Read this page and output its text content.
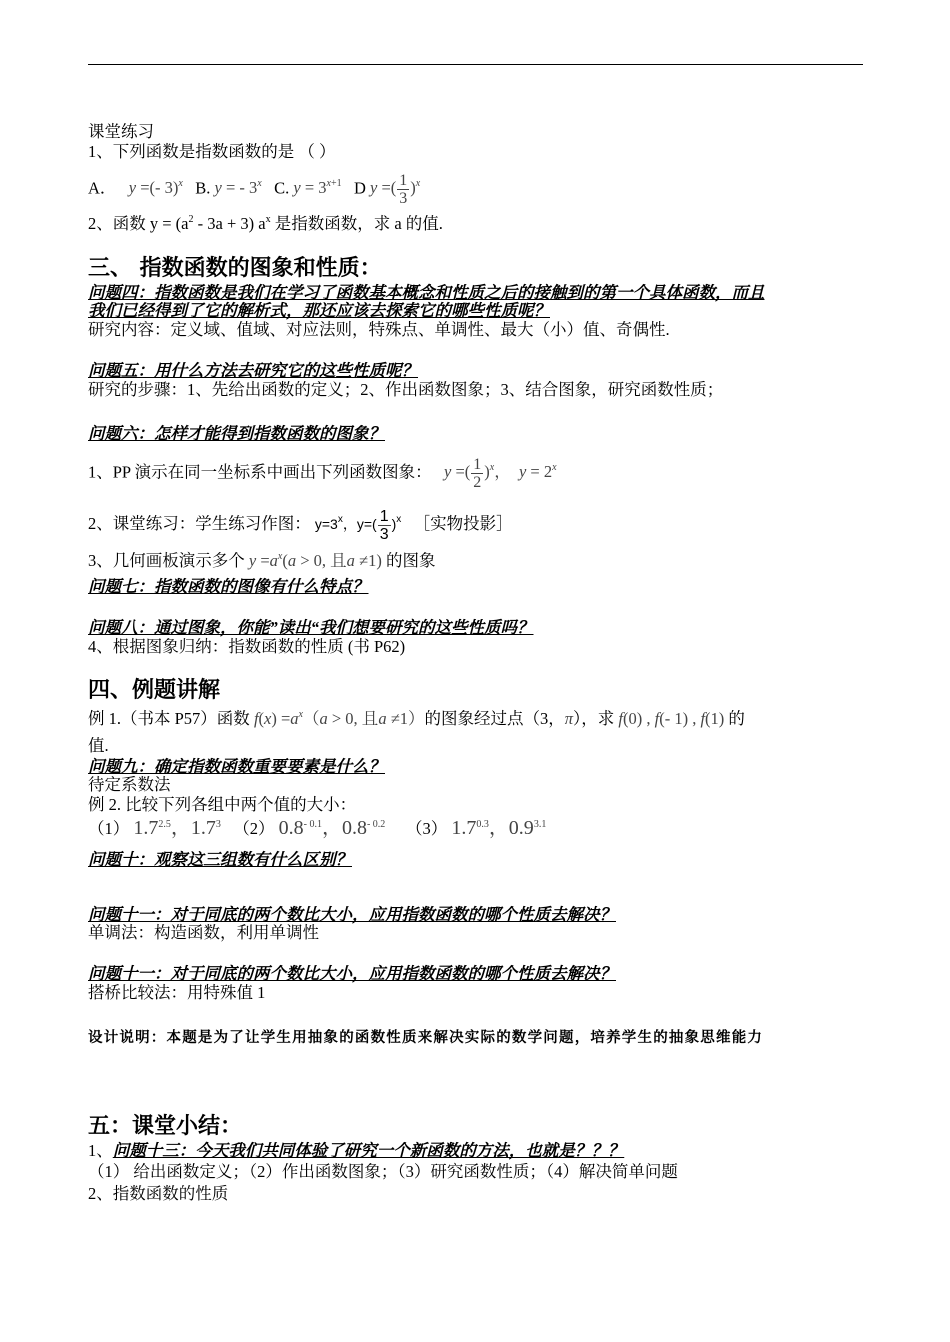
课堂练习
1、下列函数是指数函数的是 （ ）
A． y =(- 3)$^x$ B. y = - 3$^x$ C. $y = 3^{x+1}$ D y =( $\frac{1}{3} )^x$
2、函数 $y = (a^2 - 3a + 3)$ $a^x$ 是指数函数，求 a 的值.
三、 指数函数的图象和性质：
问题四：指数函数是我们在学习了函数基本概念和性质之后的接触到的第一个具体函数，而且
我们已经得到了它的解析式，那还应该去探索它的哪些性质呢？
研究内容：定义域、值域、对应法则，特殊点、单调性、最大（小）值、奇偶性.
问题五：用什么方法去研究它的这些性质呢？
研究的步骤：1、先给出函数的定义；2、作出函数图象；3、结合图象，研究函数性质；
问题六：怎样才能得到指数函数的图象？
1、PP 演示在同一坐标系中画出下列函数图象： y =( $\frac{1}{2} )^x$，  $y = 2^x$
2、课堂练习：学生练习作图： $y=3^x$，$y=( \frac{1}{3} )^x$ ［实物投影］
3、几何画板演示多个 $y =a^x(a > 0$, 且a ≠1) 的图象
问题七：指数函数的图像有什么特点？
问题八：通过图象，你能”读出“我们想要研究的这些性质吗？
4、根据图象归纳：指数函数的性质 (书 P62)
四、例题讲解
例 1.（书本 P57）函数 $f(x) =a^x(a > 0$, 且a ≠1）的图象经过点（3，π），求 f(0) , f(- 1) , f(1) 的
值.
问题九：确定指数函数重要要素是什么？
待定系数法
例 2. 比较下列各组中两个值的大小：
（1） $1.7^{2.5}$，$1.7^3$ （2） $0.8^{- 0.1}$，$0.8^{- 0.2}$ （3） $1.7^{0.3}$，$0.9^{3.1}$
问题十：观察这三组数有什么区别？
问题十一：对于同底的两个数比大小，应用指数函数的哪个性质去解决？
单调法：构造函数，利用单调性
问题十一：对于同底的两个数比大小，应用指数函数的哪个性质去解决？
搭桥比较法：用特殊值 1
设计说明：本题是为了让学生用抽象的函数性质来解决实际的数学问题，培养学生的抽象思维能力
五：课堂小结：
1、问题十三：今天我们共同体验了研究一个新函数的方法，也就是？？？
（1） 给出函数定义；（2）作出函数图象；（3）研究函数性质；（4）解决简单问题
2、指数函数的性质
